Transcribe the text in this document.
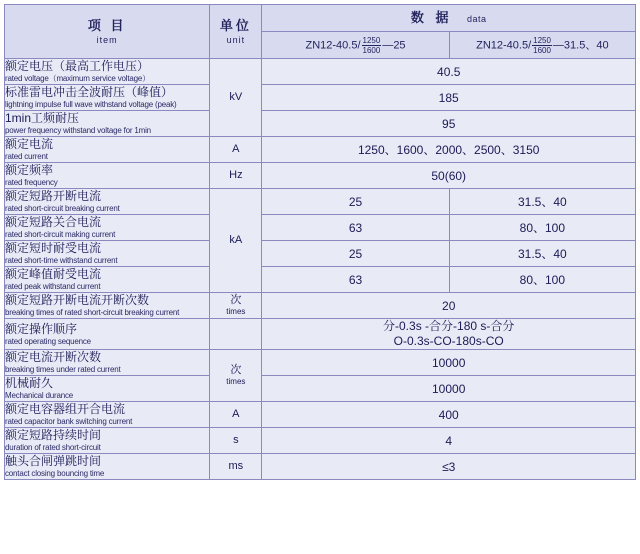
项 目
item	单位
unit	数 据 data	
		$ZN12-40.5/ \frac{1250}{1600}$ —25	$ZN12-40.5/ \frac{1250}{1600}$ —31.5、40

额定电压（最高工作电压）
rated voltage（maximum service voltage）	kV	40.5	

标准雷电冲击全波耐压（峰值）
lightning impulse full wave withstand voltage (peak)		185	

1min工频耐压
power frequency withstand voltage for 1min		95	

额定电流
rated current	A	1250、1600、2000、2500、3150	

额定频率
rated frequency	Hz	50(60)	

额定短路开断电流
rated short-circuit breaking current	kA	25	31.5、40

额定短路关合电流
rated short-circuit making current		63	80、100

额定短时耐受电流
rated short-time withstand current		25	31.5、40

额定峰值耐受电流
rated peak withstand current		63	80、100

额定短路开断电流开断次数
breaking times of rated short-circuit breaking current	次
times	20	

额定操作顺序
rated operating sequence		分-0.3s -合分-180 s-合分
O-0.3s-CO-180s-CO	

额定电流开断次数
breaking times under rated current	次
times	10000	

机械耐久
Mechanical durance		10000	

额定电容器组开合电流
rated capacitor bank switching current	A	400	

额定短路持续时间
duration of rated short-circuit	s	4	

触头合闸弹跳时间
contact closing bouncing time	ms	≤3	
